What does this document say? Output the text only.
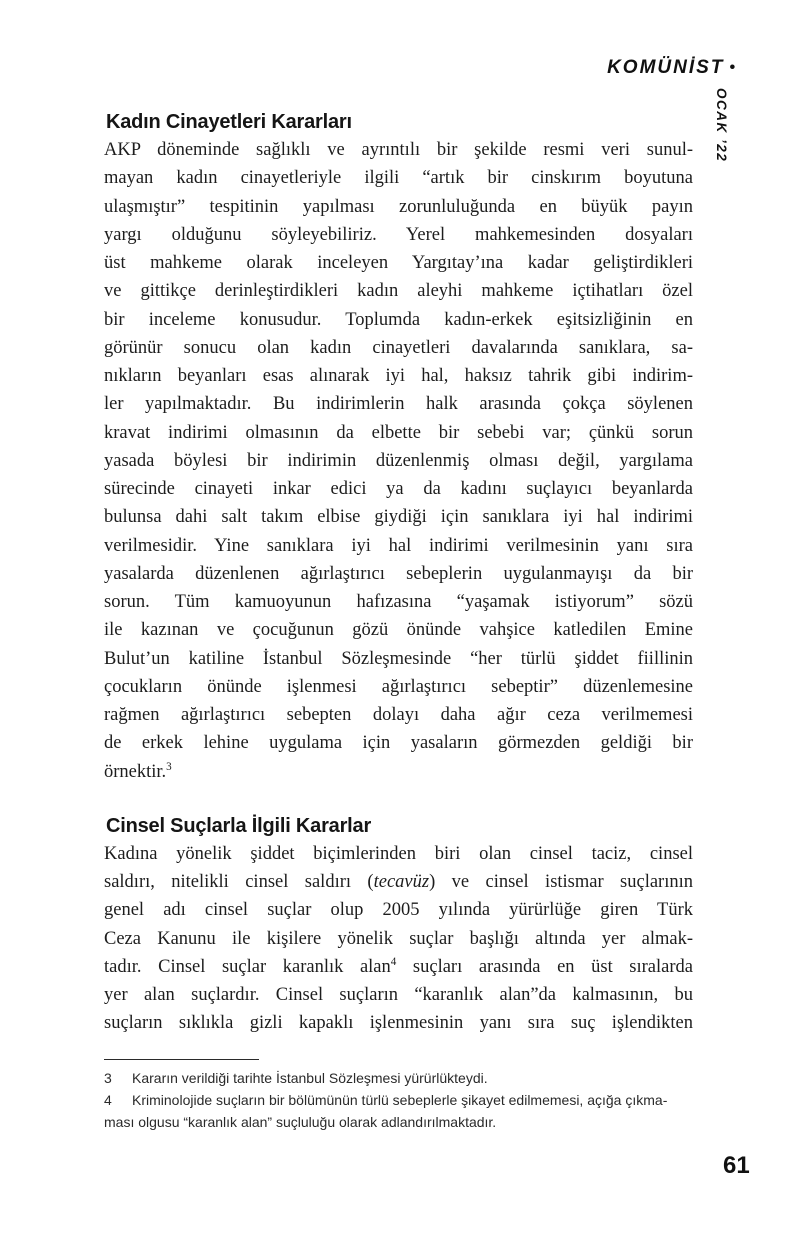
KOMÜNİST •
OCAK ’22
Kadın Cinayetleri Kararları
AKP döneminde sağlıklı ve ayrıntılı bir şekilde resmi veri sunul-
mayan kadın cinayetleriyle ilgili “artık bir cinskırım boyutuna
ulaşmıştır” tespitinin yapılması zorunluluğunda en büyük payın
yargı olduğunu söyleyebiliriz. Yerel mahkemesinden dosyaları
üst mahkeme olarak inceleyen Yargıtay’ına kadar geliştirdikleri
ve gittikçe derinleştirdikleri kadın aleyhi mahkeme içtihatları özel
bir inceleme konusudur. Toplumda kadın-erkek eşitsizliğinin en
görünür sonucu olan kadın cinayetleri davalarında sanıklara, sa-
nıkların beyanları esas alınarak iyi hal, haksız tahrik gibi indirim-
ler yapılmaktadır. Bu indirimlerin halk arasında çokça söylenen
kravat indirimi olmasının da elbette bir sebebi var; çünkü sorun
yasada böylesi bir indirimin düzenlenmiş olması değil, yargılama
sürecinde cinayeti inkar edici ya da kadını suçlayıcı beyanlarda
bulunsa dahi salt takım elbise giydiği için sanıklara iyi hal indirimi
verilmesidir. Yine sanıklara iyi hal indirimi verilmesinin yanı sıra
yasalarda düzenlenen ağırlaştırıcı sebeplerin uygulanmayışı da bir
sorun. Tüm kamuoyunun hafızasına “yaşamak istiyorum” sözü
ile kazınan ve çocuğunun gözü önünde vahşice katledilen Emine
Bulut’un katiline İstanbul Sözleşmesinde “her türlü şiddet fiillinin
çocukların önünde işlenmesi ağırlaştırıcı sebeptir” düzenlemesine
rağmen ağırlaştırıcı sebepten dolayı daha ağır ceza verilmemesi
de erkek lehine uygulama için yasaların görmezden geldiği bir
örnektir.$^3$
Cinsel Suçlarla İlgili Kararlar
Kadına yönelik şiddet biçimlerinden biri olan cinsel taciz, cinsel
saldırı, nitelikli cinsel saldırı (tecavüz) ve cinsel istismar suçlarının
genel adı cinsel suçlar olup 2005 yılında yürürlüğe giren Türk
Ceza Kanunu ile kişilere yönelik suçlar başlığı altında yer almak-
tadır. Cinsel suçlar karanlık alan$^4$ suçları arasında en üst sıralarda
yer alan suçlardır. Cinsel suçların “karanlık alan”da kalmasının, bu
suçların sıklıkla gizli kapaklı işlenmesinin yanı sıra suç işlendikten
3 Kararın verildiği tarihte İstanbul Sözleşmesi yürürlükteydi.
4 Kriminolojide suçların bir bölümünün türlü sebeplerle şikayet edilmemesi, açığa çıkma-
ması olgusu “karanlık alan” suçluluğu olarak adlandırılmaktadır.
61
